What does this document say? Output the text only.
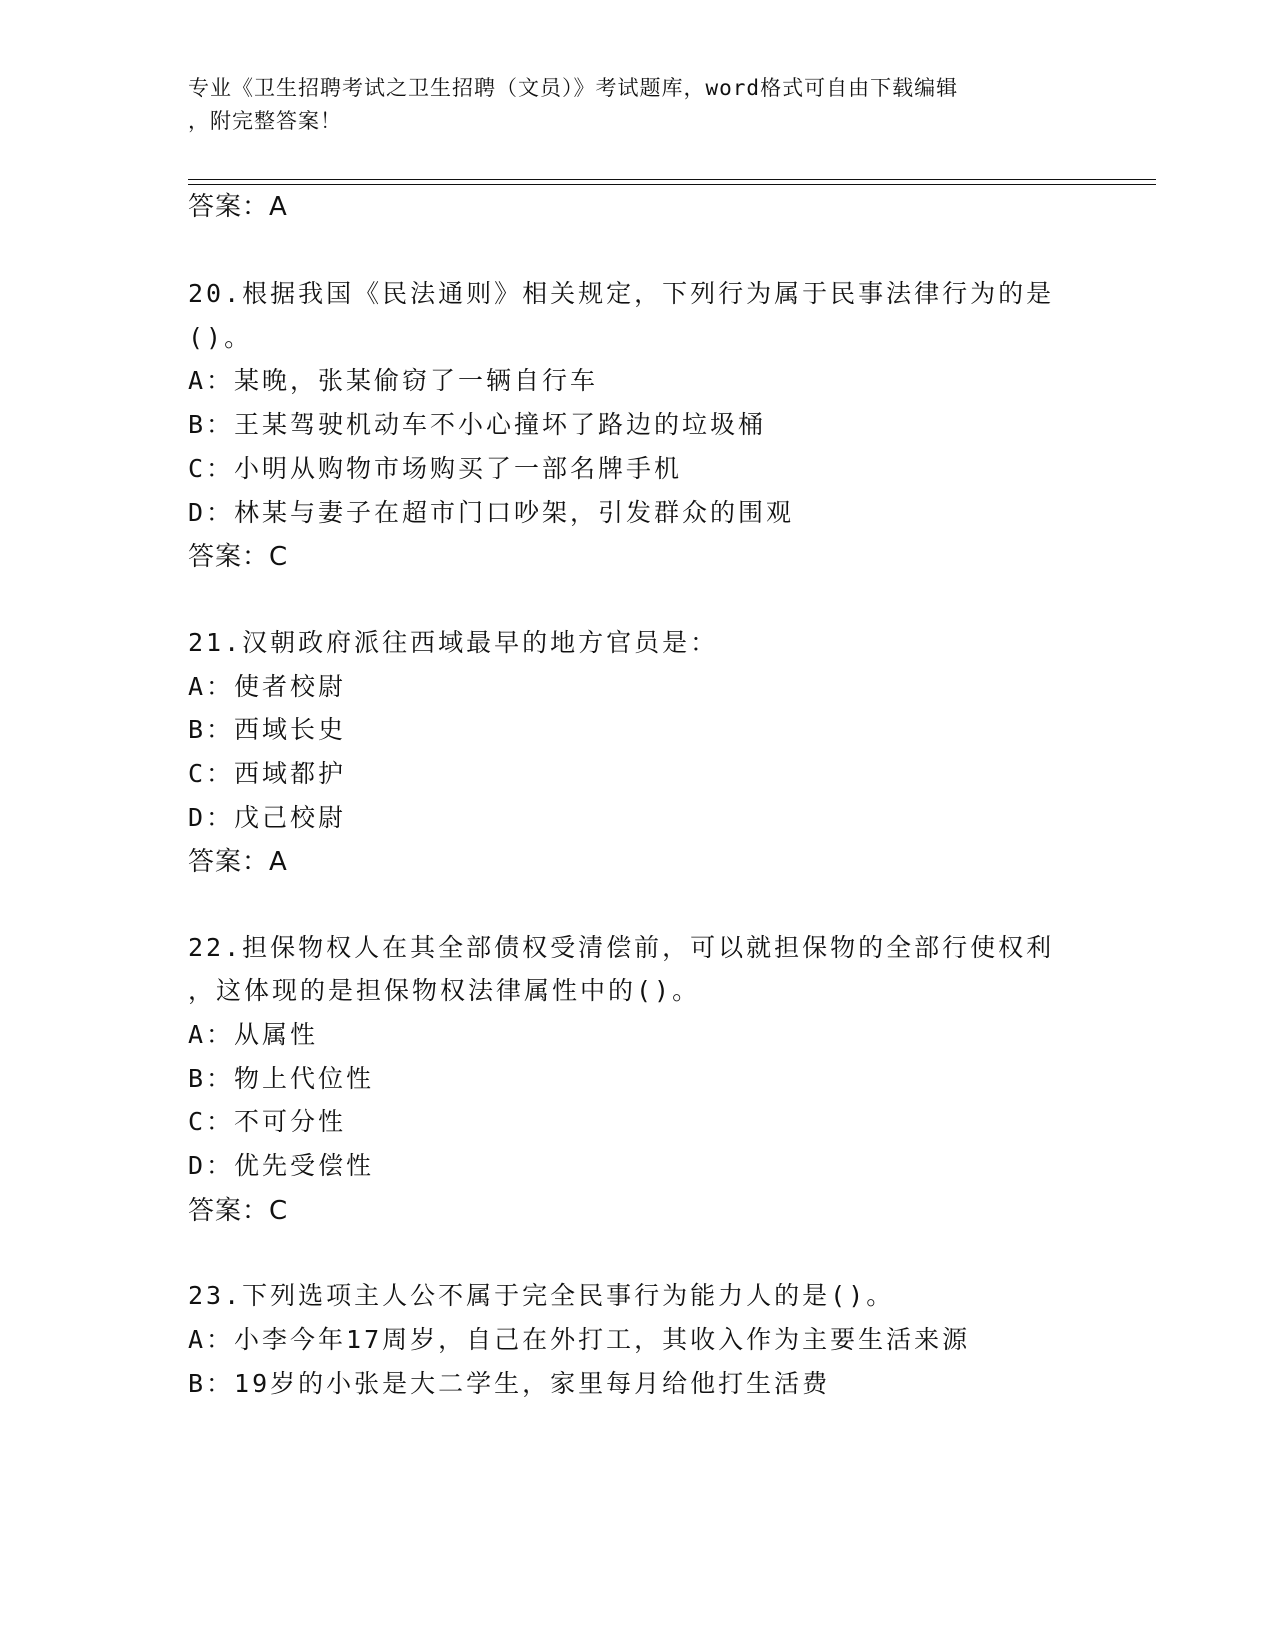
专业《卫生招聘考试之卫生招聘（文员）》考试题库，word格式可自由下载编辑
，附完整答案！
答案：A
20.根据我国《民法通则》相关规定，下列行为属于民事法律行为的是
()。
A：某晚，张某偷窃了一辆自行车
B：王某驾驶机动车不小心撞坏了路边的垃圾桶
C：小明从购物市场购买了一部名牌手机
D：林某与妻子在超市门口吵架，引发群众的围观
答案：C
21.汉朝政府派往西域最早的地方官员是：
A：使者校尉
B：西域长史
C：西域都护
D：戊己校尉
答案：A
22.担保物权人在其全部债权受清偿前，可以就担保物的全部行使权利
，这体现的是担保物权法律属性中的()。
A：从属性
B：物上代位性
C：不可分性
D：优先受偿性
答案：C
23.下列选项主人公不属于完全民事行为能力人的是()。
A：小李今年17周岁，自己在外打工，其收入作为主要生活来源
B：19岁的小张是大二学生，家里每月给他打生活费
